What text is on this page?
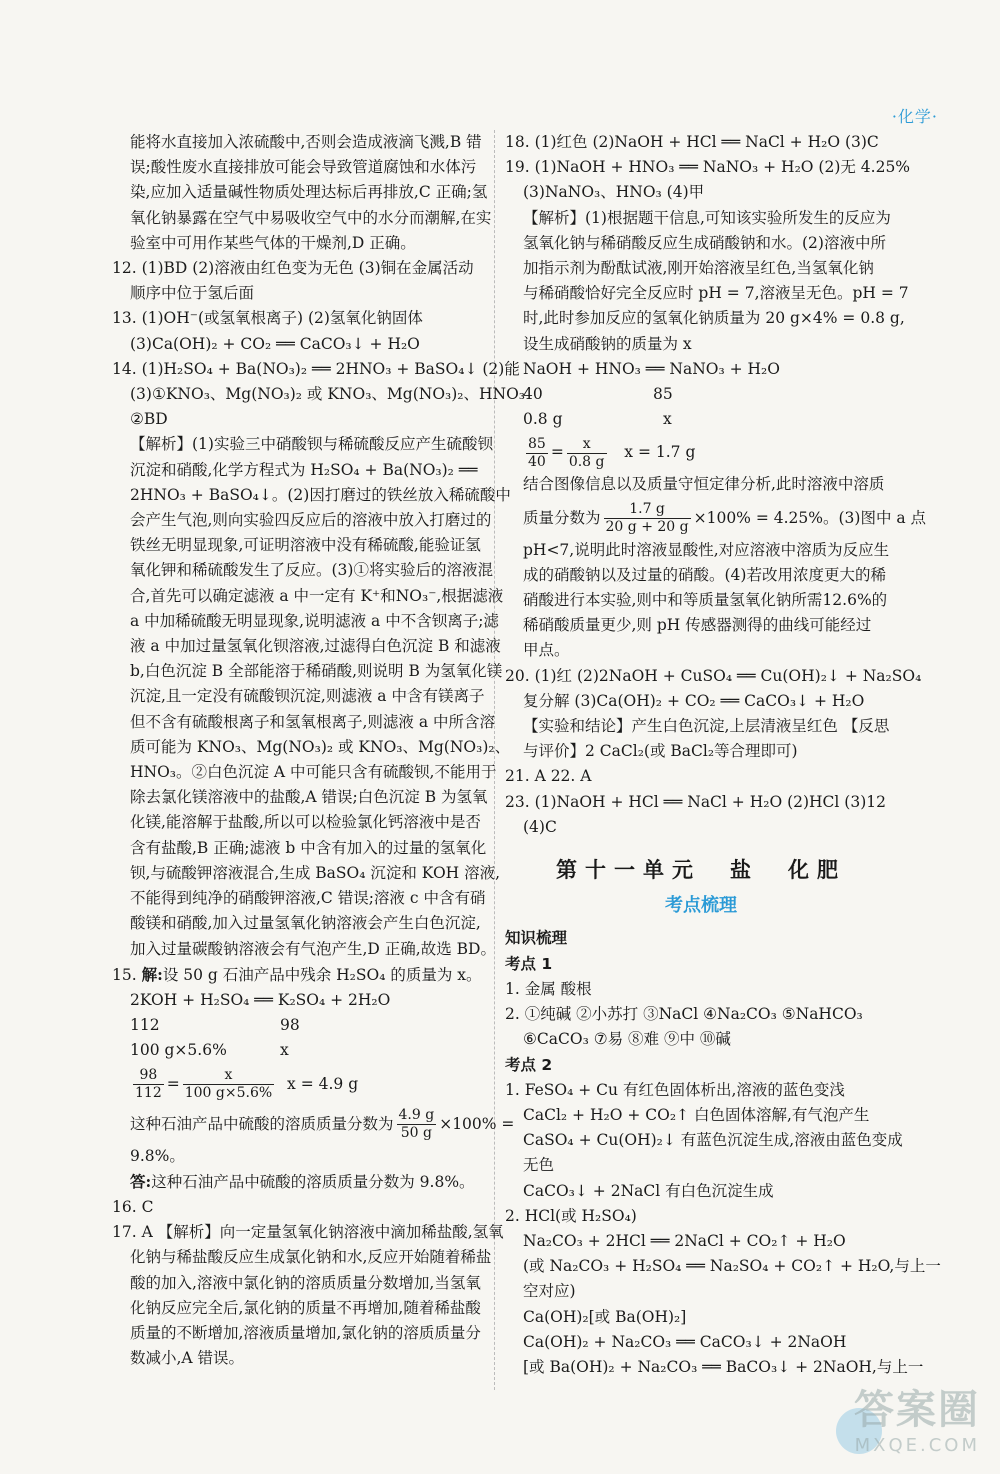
·化学·
能将水直接加入浓硫酸中,否则会造成液滴飞溅,B 错
误;酸性废水直接排放可能会导致管道腐蚀和水体污
染,应加入适量碱性物质处理达标后再排放,C 正确;氢
氧化钠暴露在空气中易吸收空气中的水分而潮解,在实
验室中可用作某些气体的干燥剂,D 正确。
12. (1)BD (2)溶液由红色变为无色 (3)铜在金属活动
顺序中位于氢后面
13. (1)OH⁻(或氢氧根离子) (2)氢氧化钠固体
(3)Ca(OH)₂ + CO₂ ══ CaCO₃↓ + H₂O
14. (1)H₂SO₄ + Ba(NO₃)₂ ══ 2HNO₃ + BaSO₄↓ (2)能
(3)①KNO₃、Mg(NO₃)₂ 或 KNO₃、Mg(NO₃)₂、HNO₃
②BD
【解析】(1)实验三中硝酸钡与稀硫酸反应产生硫酸钡
沉淀和硝酸,化学方程式为 H₂SO₄ + Ba(NO₃)₂ ══
2HNO₃ + BaSO₄↓。(2)因打磨过的铁丝放入稀硫酸中
会产生气泡,则向实验四反应后的溶液中放入打磨过的
铁丝无明显现象,可证明溶液中没有稀硫酸,能验证氢
氧化钾和稀硫酸发生了反应。(3)①将实验后的溶液混
合,首先可以确定滤液 a 中一定有 K⁺和NO₃⁻,根据滤液
a 中加稀硫酸无明显现象,说明滤液 a 中不含钡离子;滤
液 a 中加过量氢氧化钡溶液,过滤得白色沉淀 B 和滤液
b,白色沉淀 B 全部能溶于稀硝酸,则说明 B 为氢氧化镁
沉淀,且一定没有硫酸钡沉淀,则滤液 a 中含有镁离子
但不含有硫酸根离子和氢氧根离子,则滤液 a 中所含溶
质可能为 KNO₃、Mg(NO₃)₂ 或 KNO₃、Mg(NO₃)₂、
HNO₃。②白色沉淀 A 中可能只含有硫酸钡,不能用于
除去氯化镁溶液中的盐酸,A 错误;白色沉淀 B 为氢氧
化镁,能溶解于盐酸,所以可以检验氯化钙溶液中是否
含有盐酸,B 正确;滤液 b 中含有加入的过量的氢氧化
钡,与硫酸钾溶液混合,生成 BaSO₄ 沉淀和 KOH 溶液,
不能得到纯净的硝酸钾溶液,C 错误;溶液 c 中含有硝
酸镁和硝酸,加入过量氢氧化钠溶液会产生白色沉淀,
加入过量碳酸钠溶液会有气泡产生,D 正确,故选 BD。
15. 解:设 50 g 石油产品中残余 H₂SO₄ 的质量为 x。
2KOH + H₂SO₄ ══ K₂SO₄ + 2H₂O
112	98
100 g×5.6%	x
$\frac{98}{112} = \frac{x}{100 g\times 5.6\%}$ x = 4.9 g
这种石油产品中硫酸的溶质质量分数为 $\frac{4.9 g}{50 g} \times 100\%$ =
9.8%。
答:这种石油产品中硫酸的溶质质量分数为 9.8%。
16. C
17. A 【解析】向一定量氢氧化钠溶液中滴加稀盐酸,氢氧
化钠与稀盐酸反应生成氯化钠和水,反应开始随着稀盐
酸的加入,溶液中氯化钠的溶质质量分数增加,当氢氧
化钠反应完全后,氯化钠的质量不再增加,随着稀盐酸
质量的不断增加,溶液质量增加,氯化钠的溶质质量分
数减小,A 错误。
18. (1)红色 (2)NaOH + HCl ══ NaCl + H₂O (3)C
19. (1)NaOH + HNO₃ ══ NaNO₃ + H₂O (2)无 4.25%
(3)NaNO₃、HNO₃ (4)甲
【解析】(1)根据题干信息,可知该实验所发生的反应为
氢氧化钠与稀硝酸反应生成硝酸钠和水。(2)溶液中所
加指示剂为酚酞试液,刚开始溶液呈红色,当氢氧化钠
与稀硝酸恰好完全反应时 pH = 7,溶液呈无色。pH = 7
时,此时参加反应的氢氧化钠质量为 20 g×4% = 0.8 g,
设生成硝酸钠的质量为 x
NaOH + HNO₃ ══ NaNO₃ + H₂O
40	85
0.8 g	x
$\frac{85}{40} = \frac{x}{0.8 g}$ x = 1.7 g
结合图像信息以及质量守恒定律分析,此时溶液中溶质
质量分数为 $\frac{1.7 g}{20 g + 20 g} \times 100\% = 4.25\%$。(3)图中 a 点
pH<7,说明此时溶液显酸性,对应溶液中溶质为反应生
成的硝酸钠以及过量的硝酸。(4)若改用浓度更大的稀
硝酸进行本实验,则中和等质量氢氧化钠所需12.6%的
稀硝酸质量更少,则 pH 传感器测得的曲线可能经过
甲点。
20. (1)红 (2)2NaOH + CuSO₄ ══ Cu(OH)₂↓ + Na₂SO₄
复分解 (3)Ca(OH)₂ + CO₂ ══ CaCO₃↓ + H₂O
【实验和结论】产生白色沉淀,上层清液呈红色 【反思
与评价】2 CaCl₂(或 BaCl₂等合理即可)
21. A 22. A
23. (1)NaOH + HCl ══ NaCl + H₂O (2)HCl (3)12
(4)C
第十一单元　盐　化肥
考点梳理
知识梳理
考点 1
1. 金属 酸根
2. ①纯碱 ②小苏打 ③NaCl ④Na₂CO₃ ⑤NaHCO₃
⑥CaCO₃ ⑦易 ⑧难 ⑨中 ⑩碱
考点 2
1. FeSO₄ + Cu 有红色固体析出,溶液的蓝色变浅
CaCl₂ + H₂O + CO₂↑ 白色固体溶解,有气泡产生
CaSO₄ + Cu(OH)₂↓ 有蓝色沉淀生成,溶液由蓝色变成
无色
CaCO₃↓ + 2NaCl 有白色沉淀生成
2. HCl(或 H₂SO₄)
Na₂CO₃ + 2HCl ══ 2NaCl + CO₂↑ + H₂O
(或 Na₂CO₃ + H₂SO₄ ══ Na₂SO₄ + CO₂↑ + H₂O,与上一
空对应)
Ca(OH)₂[或 Ba(OH)₂]
Ca(OH)₂ + Na₂CO₃ ══ CaCO₃↓ + 2NaOH
[或 Ba(OH)₂ + Na₂CO₃ ══ BaCO₃↓ + 2NaOH,与上一
答案圈
MXQE.COM
